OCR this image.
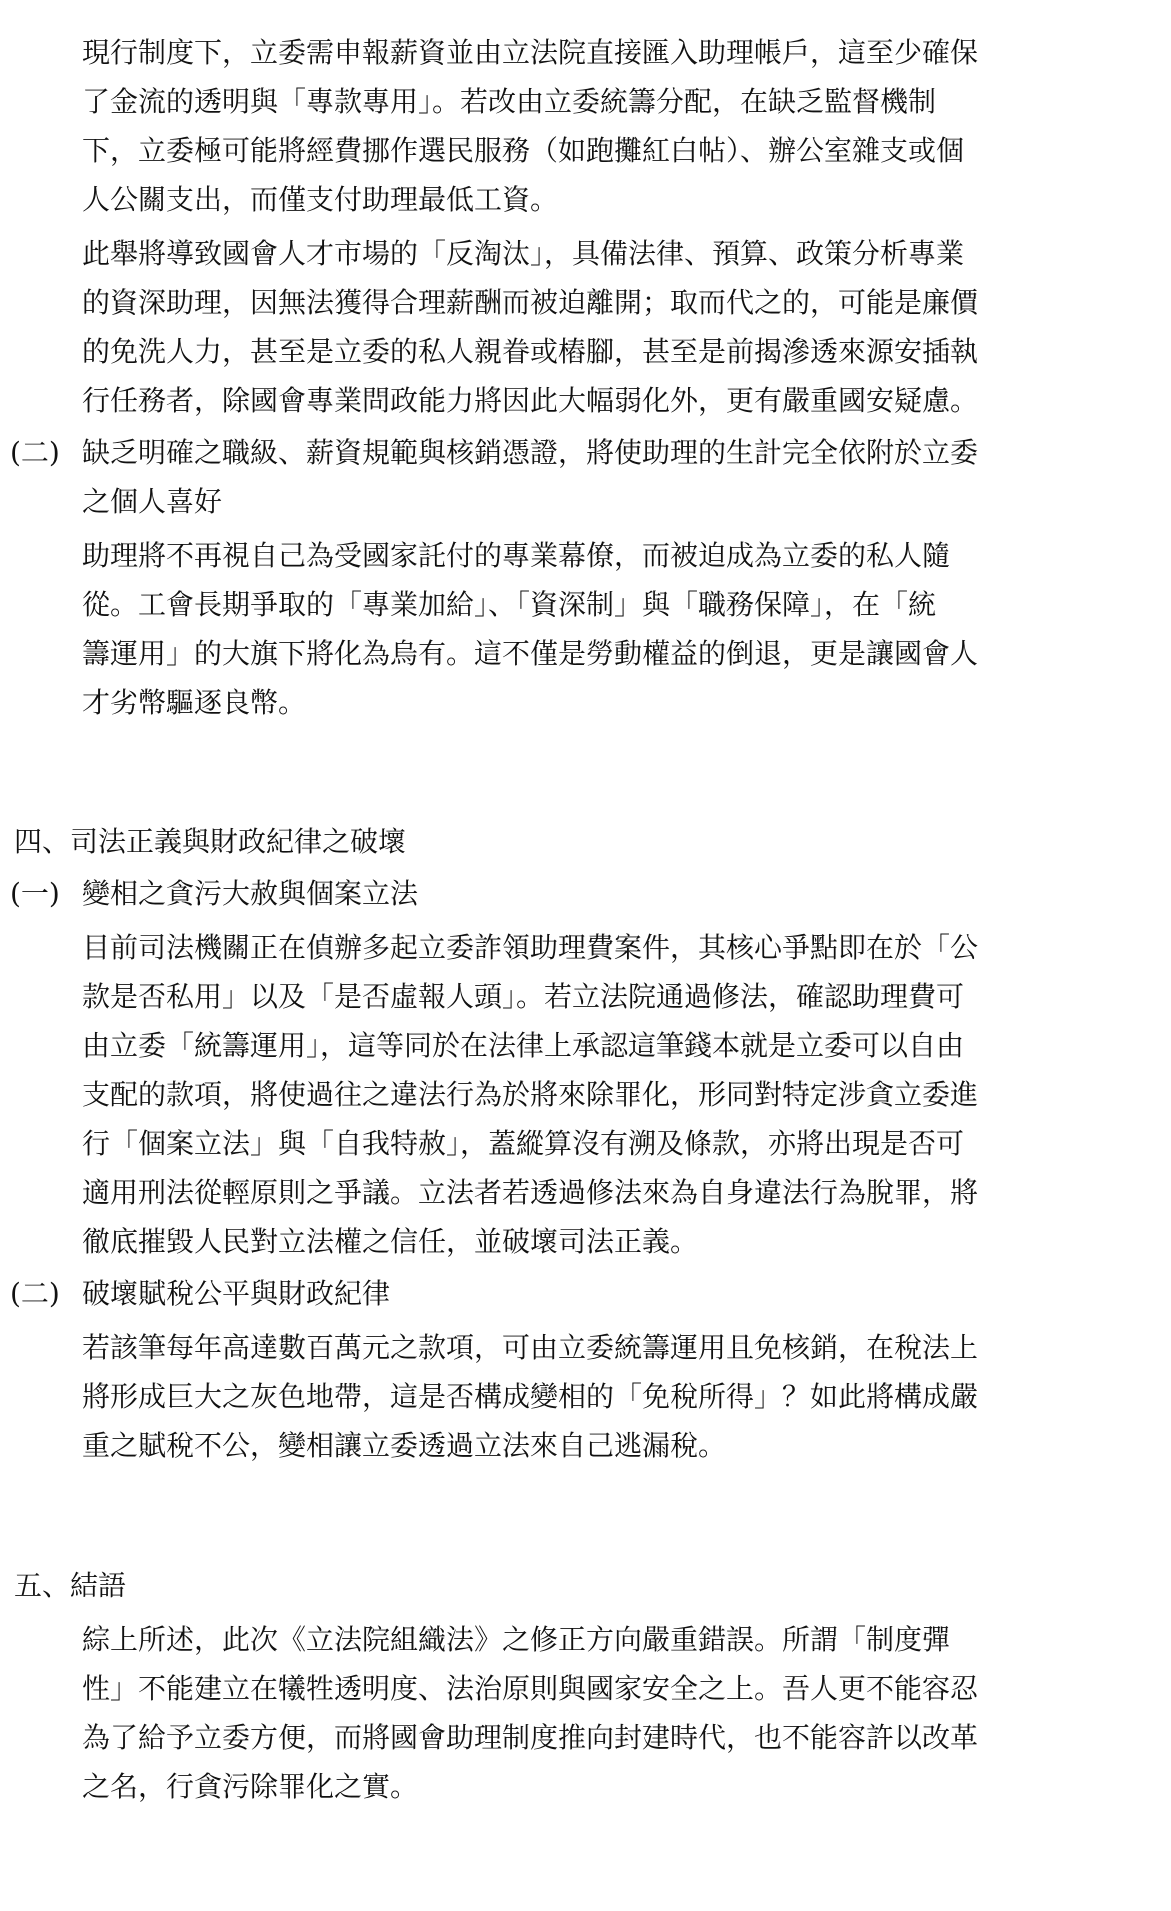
現行制度下，立委需申報薪資並由立法院直接匯入助理帳戶，這至少確保
了金流的透明與「專款專用」。若改由立委統籌分配，在缺乏監督機制
下，立委極可能將經費挪作選民服務（如跑攤紅白帖）、辦公室雜支或個
人公關支出，而僅支付助理最低工資。
此舉將導致國會人才市場的「反淘汰」，具備法律、預算、政策分析專業
的資深助理，因無法獲得合理薪酬而被迫離開；取而代之的，可能是廉價
的免洗人力，甚至是立委的私人親眷或樁腳，甚至是前揭滲透來源安插執
行任務者，除國會專業問政能力將因此大幅弱化外，更有嚴重國安疑慮。
(二) 缺乏明確之職級、薪資規範與核銷憑證，將使助理的生計完全依附於立委
之個人喜好
助理將不再視自己為受國家託付的專業幕僚，而被迫成為立委的私人隨
從。工會長期爭取的「專業加給」、「資深制」與「職務保障」，在「統
籌運用」的大旗下將化為烏有。這不僅是勞動權益的倒退，更是讓國會人
才劣幣驅逐良幣。
四、司法正義與財政紀律之破壞
(一) 變相之貪污大赦與個案立法
目前司法機關正在偵辦多起立委詐領助理費案件，其核心爭點即在於「公
款是否私用」以及「是否虛報人頭」。若立法院通過修法，確認助理費可
由立委「統籌運用」，這等同於在法律上承認這筆錢本就是立委可以自由
支配的款項，將使過往之違法行為於將來除罪化，形同對特定涉貪立委進
行「個案立法」與「自我特赦」，蓋縱算沒有溯及條款，亦將出現是否可
適用刑法從輕原則之爭議。立法者若透過修法來為自身違法行為脫罪，將
徹底摧毀人民對立法權之信任，並破壞司法正義。
(二) 破壞賦稅公平與財政紀律
若該筆每年高達數百萬元之款項，可由立委統籌運用且免核銷，在稅法上
將形成巨大之灰色地帶，這是否構成變相的「免稅所得」？如此將構成嚴
重之賦稅不公，變相讓立委透過立法來自己逃漏稅。
五、結語
綜上所述，此次《立法院組織法》之修正方向嚴重錯誤。所謂「制度彈
性」不能建立在犧牲透明度、法治原則與國家安全之上。吾人更不能容忍
為了給予立委方便，而將國會助理制度推向封建時代，也不能容許以改革
之名，行貪污除罪化之實。
